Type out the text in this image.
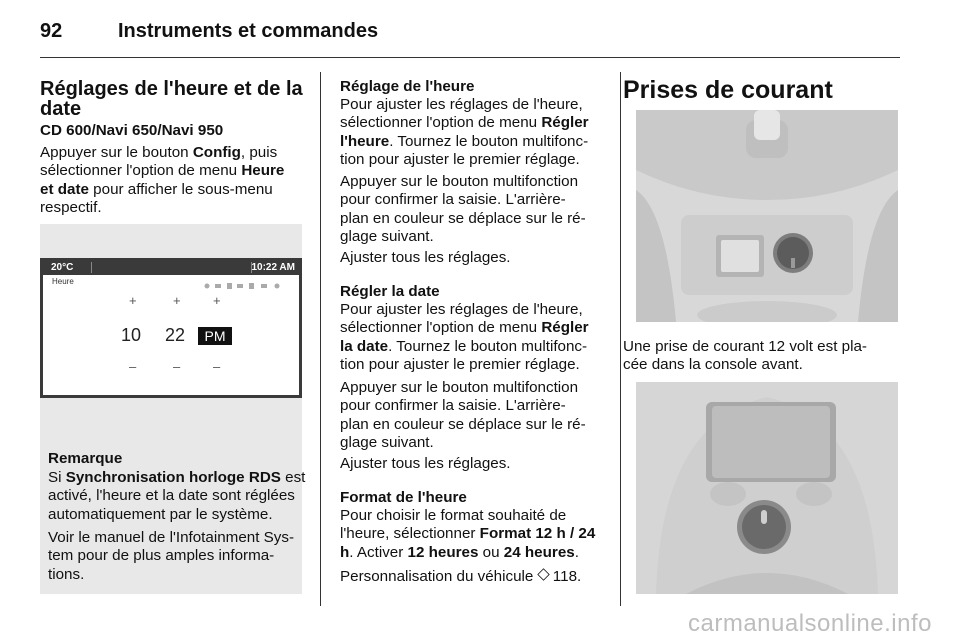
92	Instruments et commandes
Réglages de l'heure et de la
date
CD 600/Navi 650/Navi 950
Appuyer sur le bouton Config, puis
sélectionner l'option de menu Heure
et date pour afficher le sous-menu
respectif.
20°C	10:22 AM
Heure
+	+ +
10	22	PM
–	–	–
Remarque
Si Synchronisation horloge RDS est
activé, l'heure et la date sont réglées
automatiquement par le système.
Voir le manuel de l'Infotainment Sys-
tem pour de plus amples informa-
tions.
Réglage de l'heure
Pour ajuster les réglages de l'heure,
sélectionner l'option de menu Régler
l'heure. Tournez le bouton multifonc-
tion pour ajuster le premier réglage.
Appuyer sur le bouton multifonction
pour confirmer la saisie. L'arrière-
plan en couleur se déplace sur le ré-
glage suivant.
Ajuster tous les réglages.
Régler la date
Pour ajuster les réglages de l'heure,
sélectionner l'option de menu Régler
la date. Tournez le bouton multifonc-
tion pour ajuster le premier réglage.
Appuyer sur le bouton multifonction
pour confirmer la saisie. L'arrière-
plan en couleur se déplace sur le ré-
glage suivant.
Ajuster tous les réglages.
Format de l'heure
Pour choisir le format souhaité de
l'heure, sélectionner Format 12 h / 24
h. Activer 12 heures ou 24 heures.
Personnalisation du véhicule  118.
Prises de courant
Une prise de courant 12 volt est pla-
cée dans la console avant.
carmanualsonline.info
